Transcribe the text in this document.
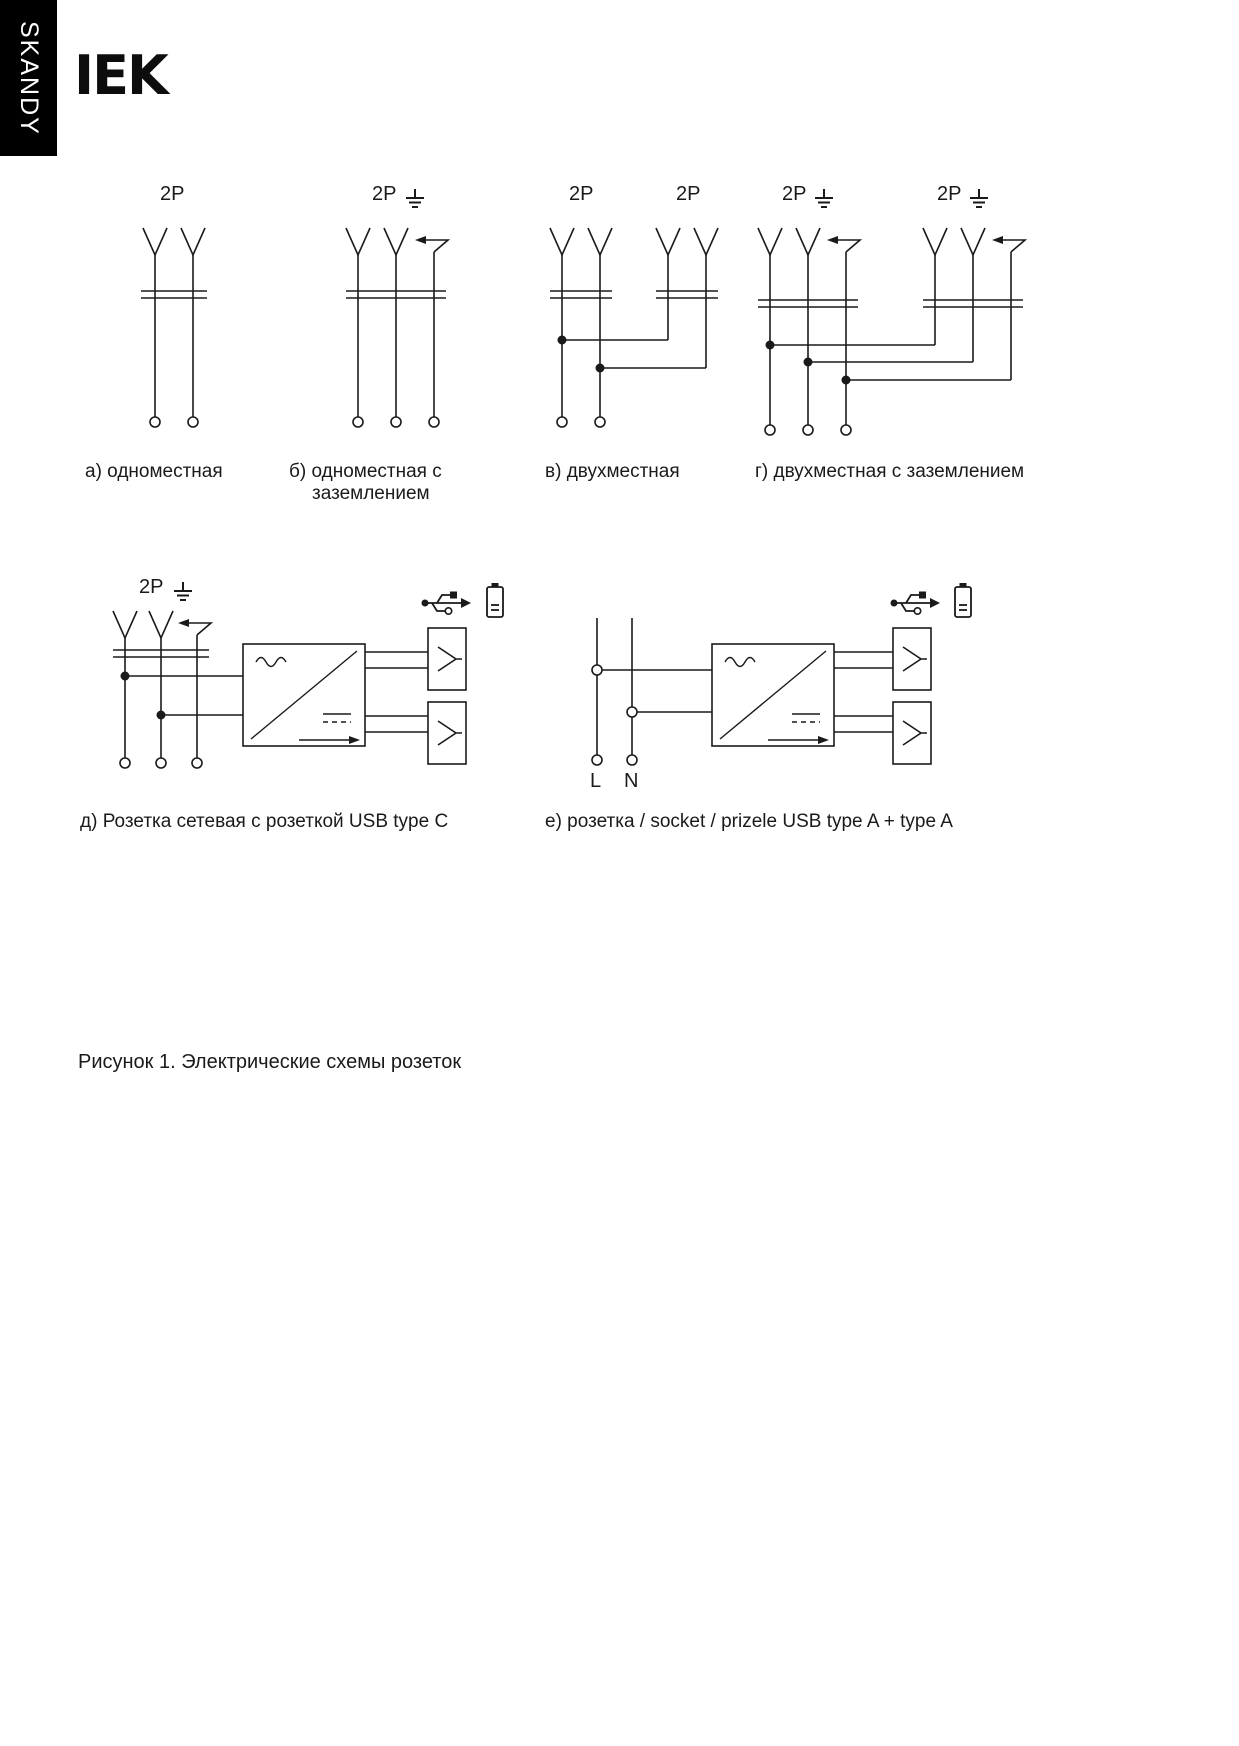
SKANDY IEK
2P	2P	2P	2P	2P	2P
2P
L N
а) одноместная	б) одноместная с
заземлением
в) двухместная	г) двухместная с заземлением
д) Розетка сетевая с розеткой USB type C	е) розетка / socket / prizele USB type A + type A
Рисунок 1. Электрические схемы розеток
